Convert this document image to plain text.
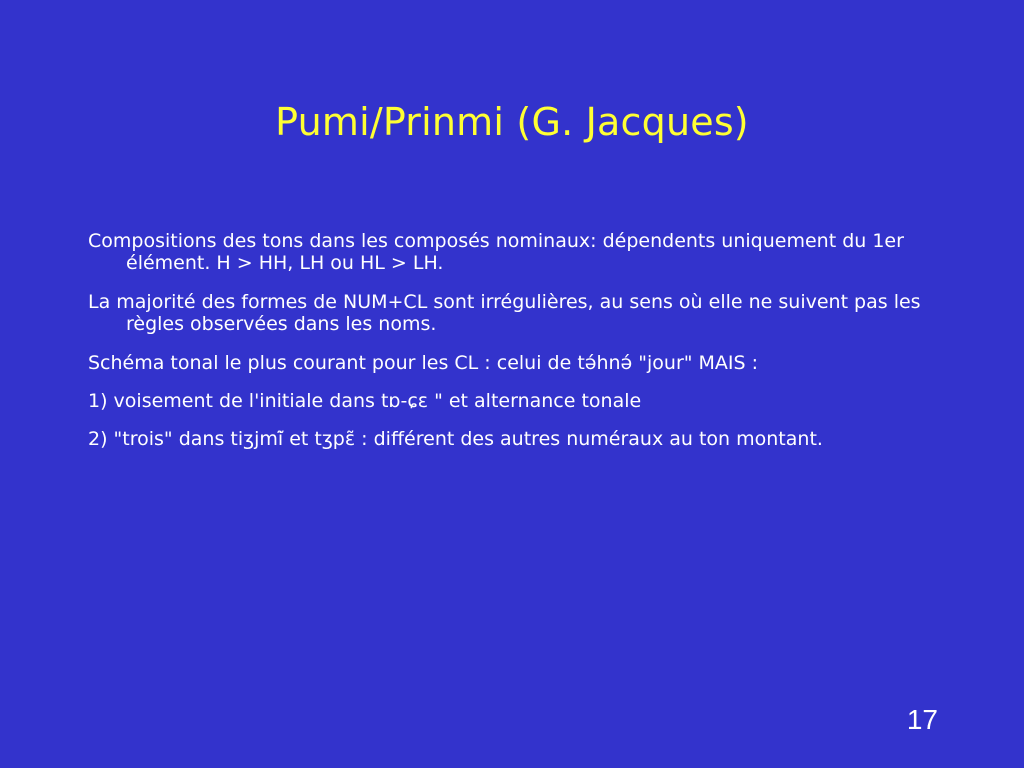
Pumi/Prinmi (G. Jacques)

Compositions des tons dans les composés nominaux: dépendents uniquement du 1er élément. H > HH, LH ou HL > LH.

La majorité des formes de NUM+CL sont irrégulières, au sens où elle ne suivent pas les règles observées dans les noms.

Schéma tonal le plus courant pour les CL : celui de tə́hnə́ "jour" MAIS :

1) voisement de l'initiale dans tɒ-ɕɛ " et alternance tonale

2) "trois" dans tiʒjmi̇̃ et tʒpɛ̃ : différent des autres numéraux au ton montant.

17
